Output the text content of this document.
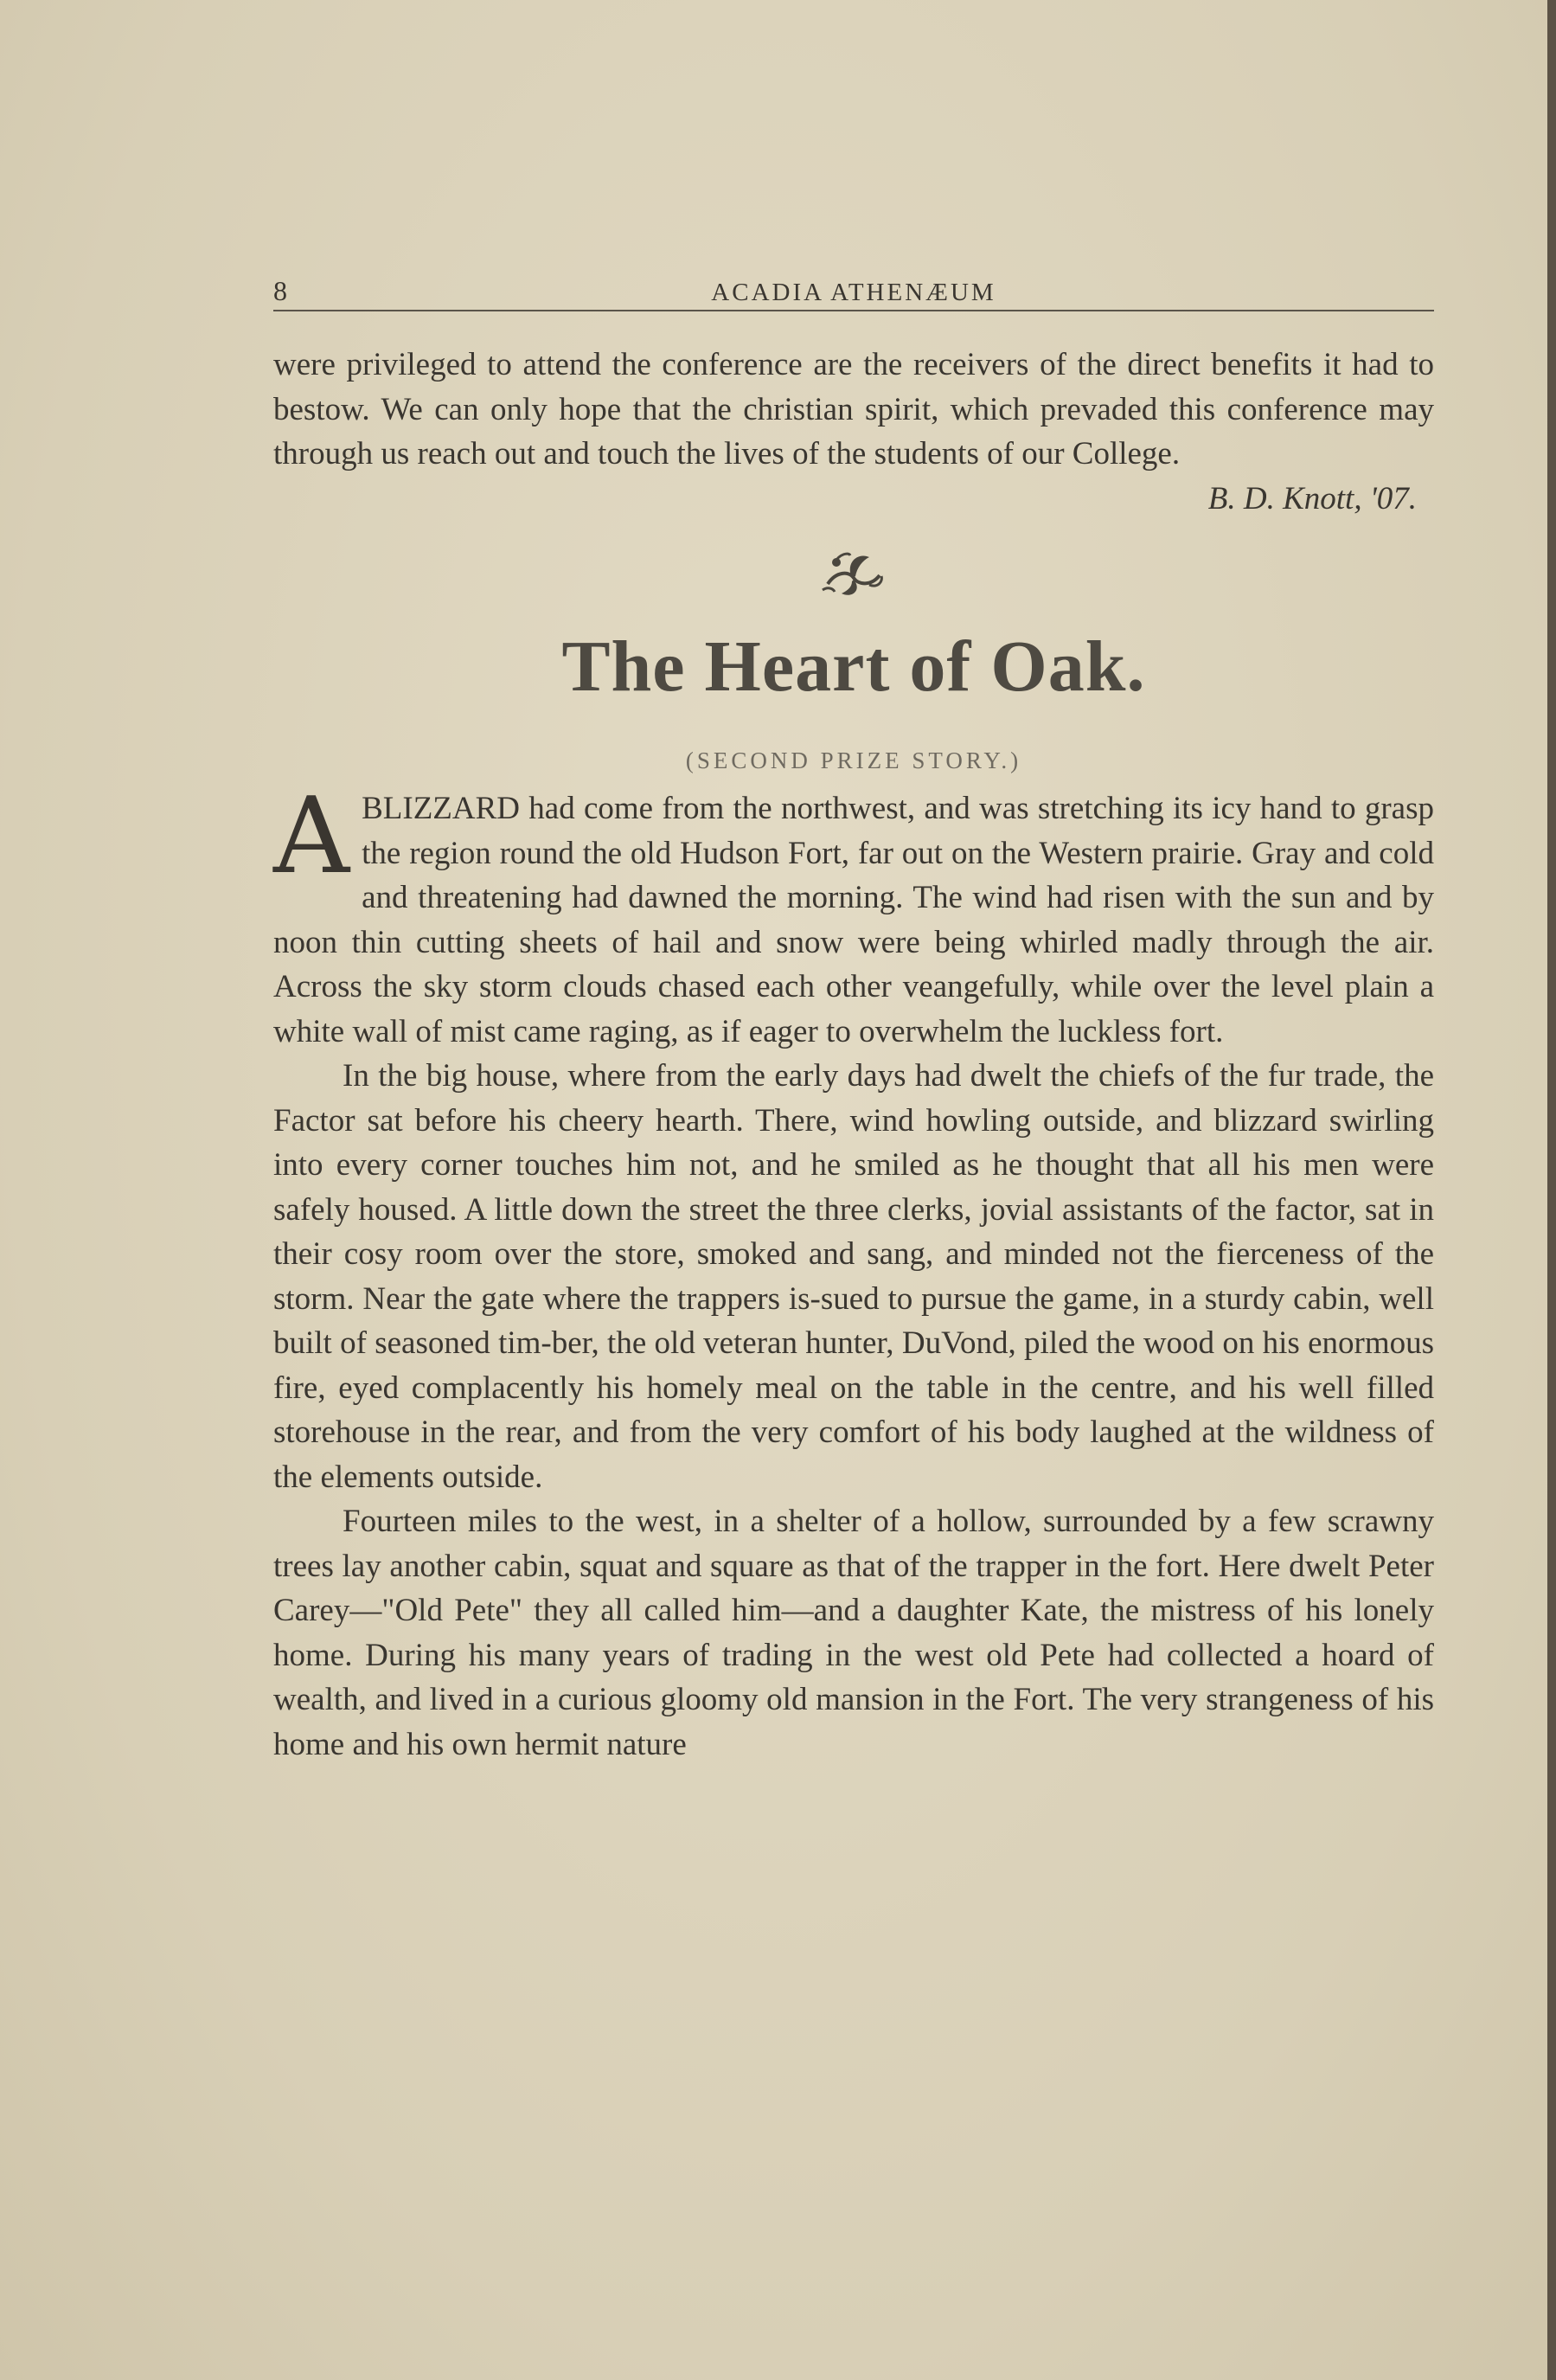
8	ACADIA ATHENÆUM

were privileged to attend the conference are the receivers of the direct benefits it had to bestow. We can only hope that the christian spirit, which prevaded this conference may through us reach out and touch the lives of the students of our College.

B. D. Knott, '07.

The Heart of Oak.

(SECOND PRIZE STORY.)

A BLIZZARD had come from the northwest, and was stretching its icy hand to grasp the region round the old Hudson Fort, far out on the Western prairie. Gray and cold and threatening had dawned the morning. The wind had risen with the sun and by noon thin cutting sheets of hail and snow were being whirled madly through the air. Across the sky storm clouds chased each other veangefully, while over the level plain a white wall of mist came raging, as if eager to overwhelm the luckless fort.

In the big house, where from the early days had dwelt the chiefs of the fur trade, the Factor sat before his cheery hearth. There, wind howling outside, and blizzard swirling into every corner touches him not, and he smiled as he thought that all his men were safely housed. A little down the street the three clerks, jovial assistants of the factor, sat in their cosy room over the store, smoked and sang, and minded not the fierceness of the storm. Near the gate where the trappers is-sued to pursue the game, in a sturdy cabin, well built of seasoned tim-ber, the old veteran hunter, DuVond, piled the wood on his enormous fire, eyed complacently his homely meal on the table in the centre, and his well filled storehouse in the rear, and from the very comfort of his body laughed at the wildness of the elements outside.

Fourteen miles to the west, in a shelter of a hollow, surrounded by a few scrawny trees lay another cabin, squat and square as that of the trapper in the fort. Here dwelt Peter Carey—"Old Pete" they all called him—and a daughter Kate, the mistress of his lonely home. During his many years of trading in the west old Pete had collected a hoard of wealth, and lived in a curious gloomy old mansion in the Fort. The very strangeness of his home and his own hermit nature
